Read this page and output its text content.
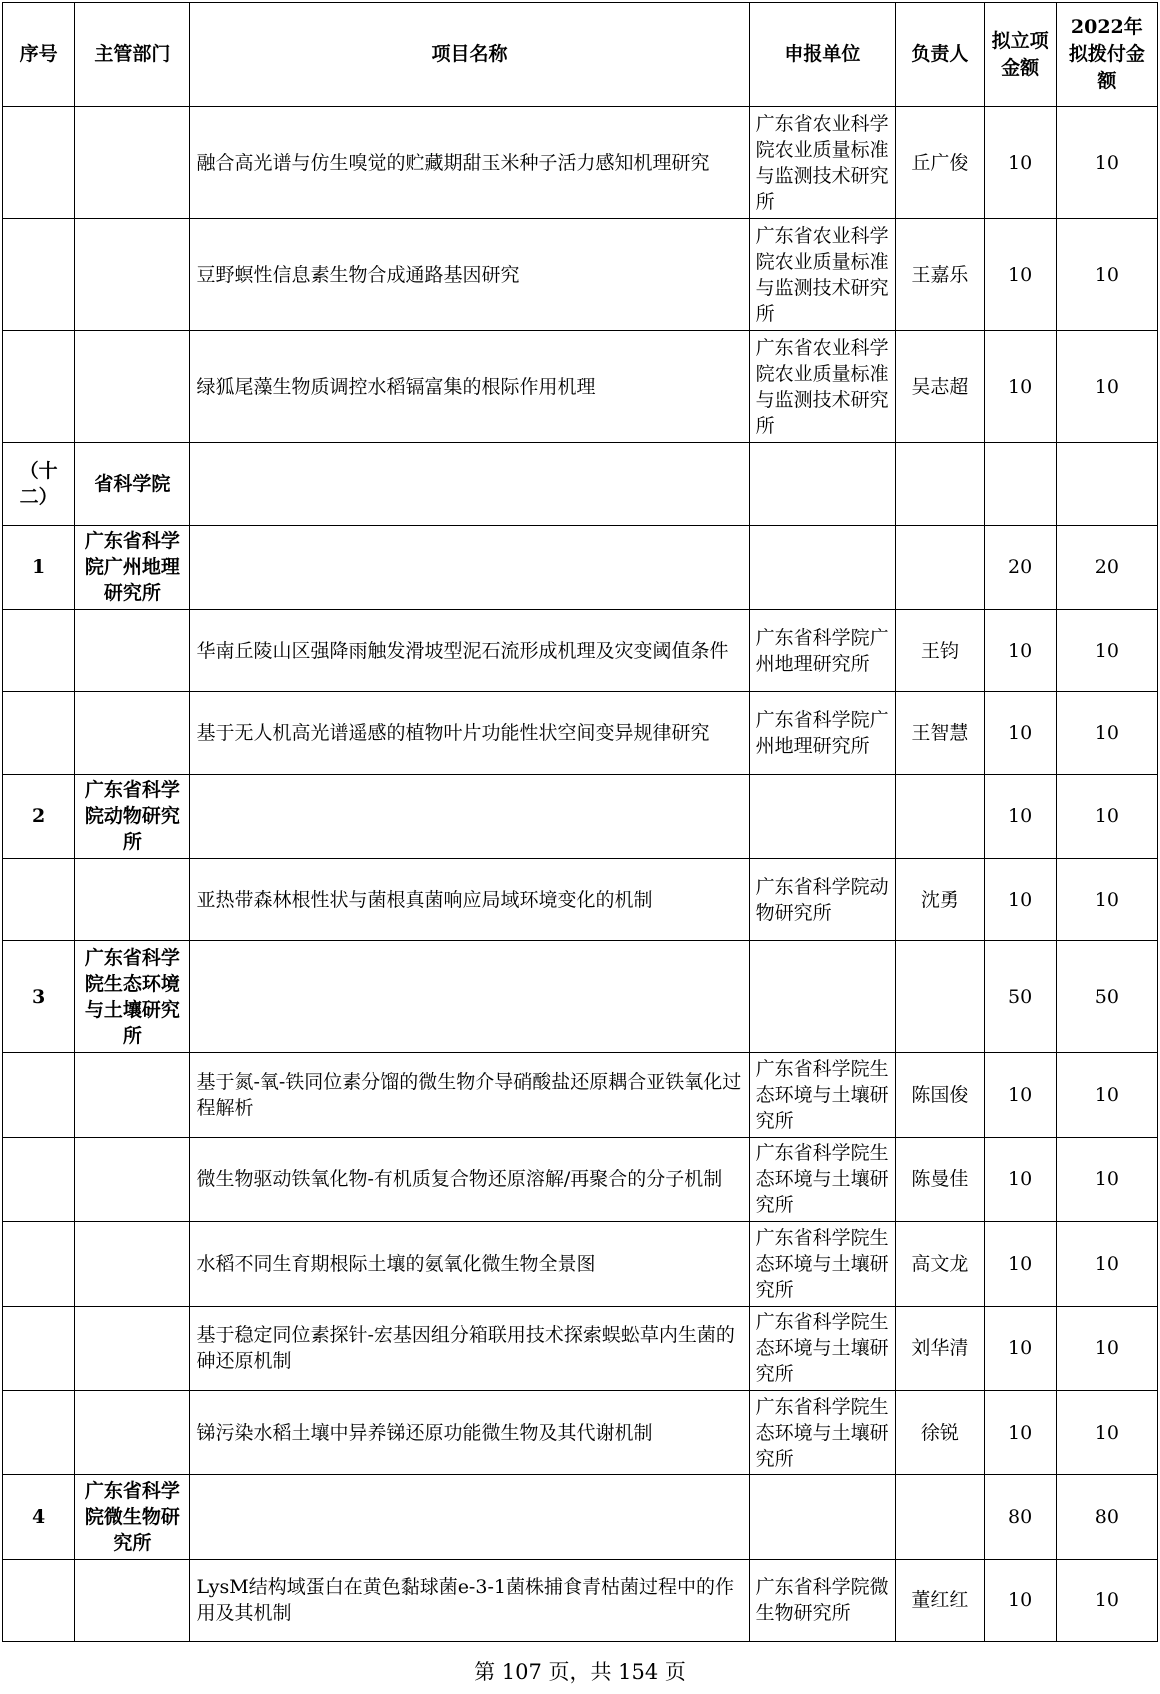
序号	主管部门	项目名称	申报单位	负责人	拟立项金额	2022年拟拨付金额
		融合高光谱与仿生嗅觉的贮藏期甜玉米种子活力感知机理研究	广东省农业科学院农业质量标准与监测技术研究所	丘广俊	10	10
		豆野螟性信息素生物合成通路基因研究	广东省农业科学院农业质量标准与监测技术研究所	王嘉乐	10	10
		绿狐尾藻生物质调控水稻镉富集的根际作用机理	广东省农业科学院农业质量标准与监测技术研究所	吴志超	10	10
（十二）	省科学院					
1	广东省科学院广州地理研究所				20	20
		华南丘陵山区强降雨触发滑坡型泥石流形成机理及灾变阈值条件	广东省科学院广州地理研究所	王钧	10	10
		基于无人机高光谱遥感的植物叶片功能性状空间变异规律研究	广东省科学院广州地理研究所	王智慧	10	10
2	广东省科学院动物研究所				10	10
		亚热带森林根性状与菌根真菌响应局域环境变化的机制	广东省科学院动物研究所	沈勇	10	10
3	广东省科学院生态环境与土壤研究所				50	50
		基于氮-氧-铁同位素分馏的微生物介导硝酸盐还原耦合亚铁氧化过程解析	广东省科学院生态环境与土壤研究所	陈国俊	10	10
		微生物驱动铁氧化物-有机质复合物还原溶解/再聚合的分子机制	广东省科学院生态环境与土壤研究所	陈曼佳	10	10
		水稻不同生育期根际土壤的氨氧化微生物全景图	广东省科学院生态环境与土壤研究所	高文龙	10	10
		基于稳定同位素探针-宏基因组分箱联用技术探索蜈蚣草内生菌的砷还原机制	广东省科学院生态环境与土壤研究所	刘华清	10	10
		锑污染水稻土壤中异养锑还原功能微生物及其代谢机制	广东省科学院生态环境与土壤研究所	徐锐	10	10
4	广东省科学院微生物研究所				80	80
		LysM结构域蛋白在黄色黏球菌e-3-1菌株捕食青枯菌过程中的作用及其机制	广东省科学院微生物研究所	董红红	10	10
第 107 页，共 154 页
